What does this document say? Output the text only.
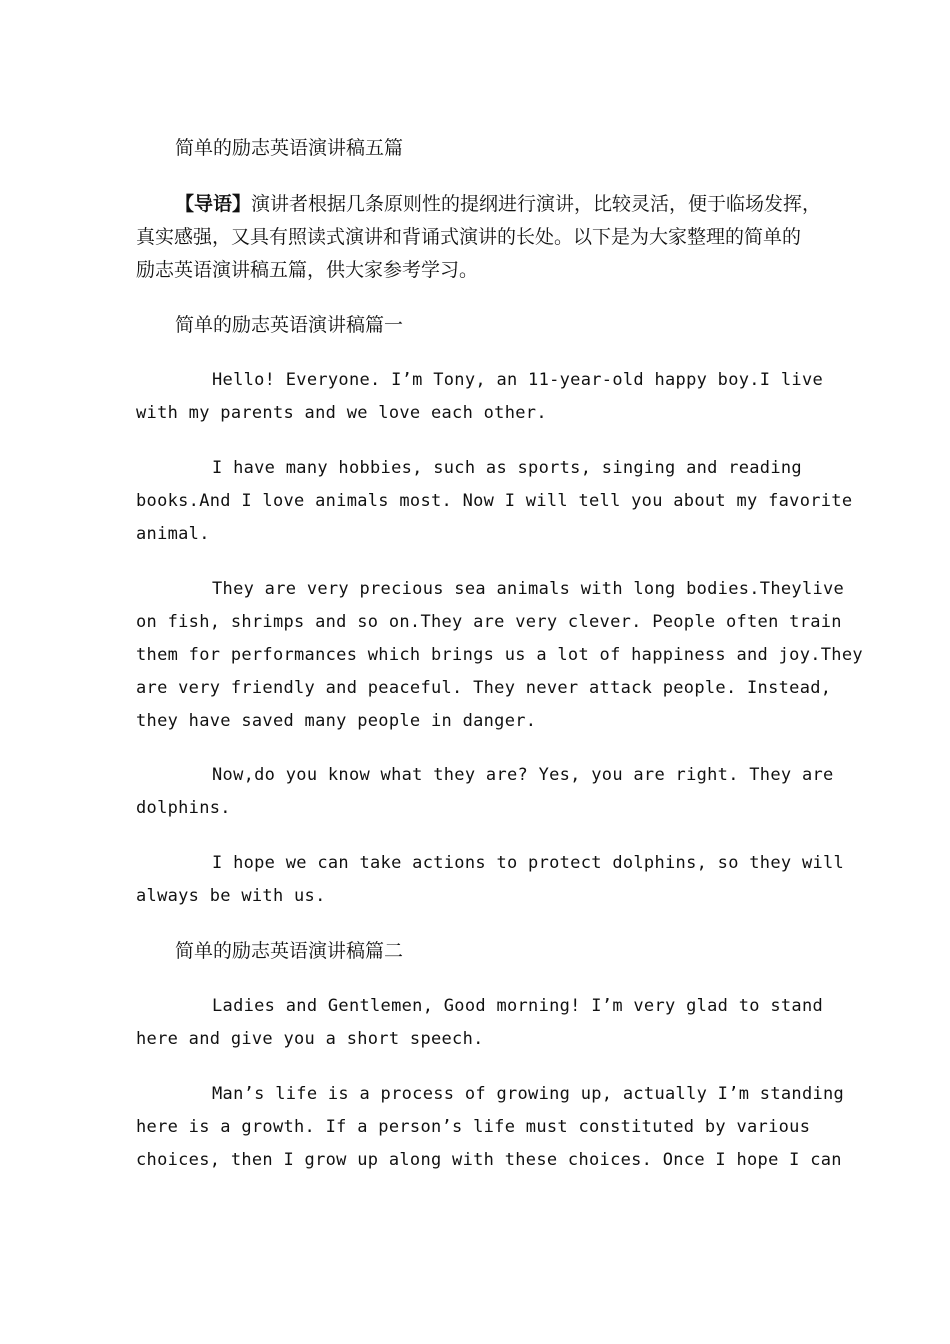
简单的励志英语演讲稿五篇
【导语】演讲者根据几条原则性的提纲进行演讲，比较灵活，便于临场发挥，
真实感强，又具有照读式演讲和背诵式演讲的长处。以下是为大家整理的简单的
励志英语演讲稿五篇，供大家参考学习。
简单的励志英语演讲稿篇一
Hello! Everyone. I’m Tony, an 11-year-old happy boy.I live
with my parents and we love each other.
I have many hobbies, such as sports, singing and reading
books.And I love animals most. Now I will tell you about my favorite
animal.
They are very precious sea animals with long bodies.Theylive
on fish, shrimps and so on.They are very clever. People often train
them for performances which brings us a lot of happiness and joy.They
are very friendly and peaceful. They never attack people. Instead,
they have saved many people in danger.
Now,do you know what they are? Yes, you are right. They are
dolphins.
I hope we can take actions to protect dolphins, so they will
always be with us.
简单的励志英语演讲稿篇二
Ladies and Gentlemen, Good morning! I’m very glad to stand
here and give you a short speech.
Man’s life is a process of growing up, actually I’m standing
here is a growth. If a person’s life must constituted by various
choices, then I grow up along with these choices. Once I hope I can
